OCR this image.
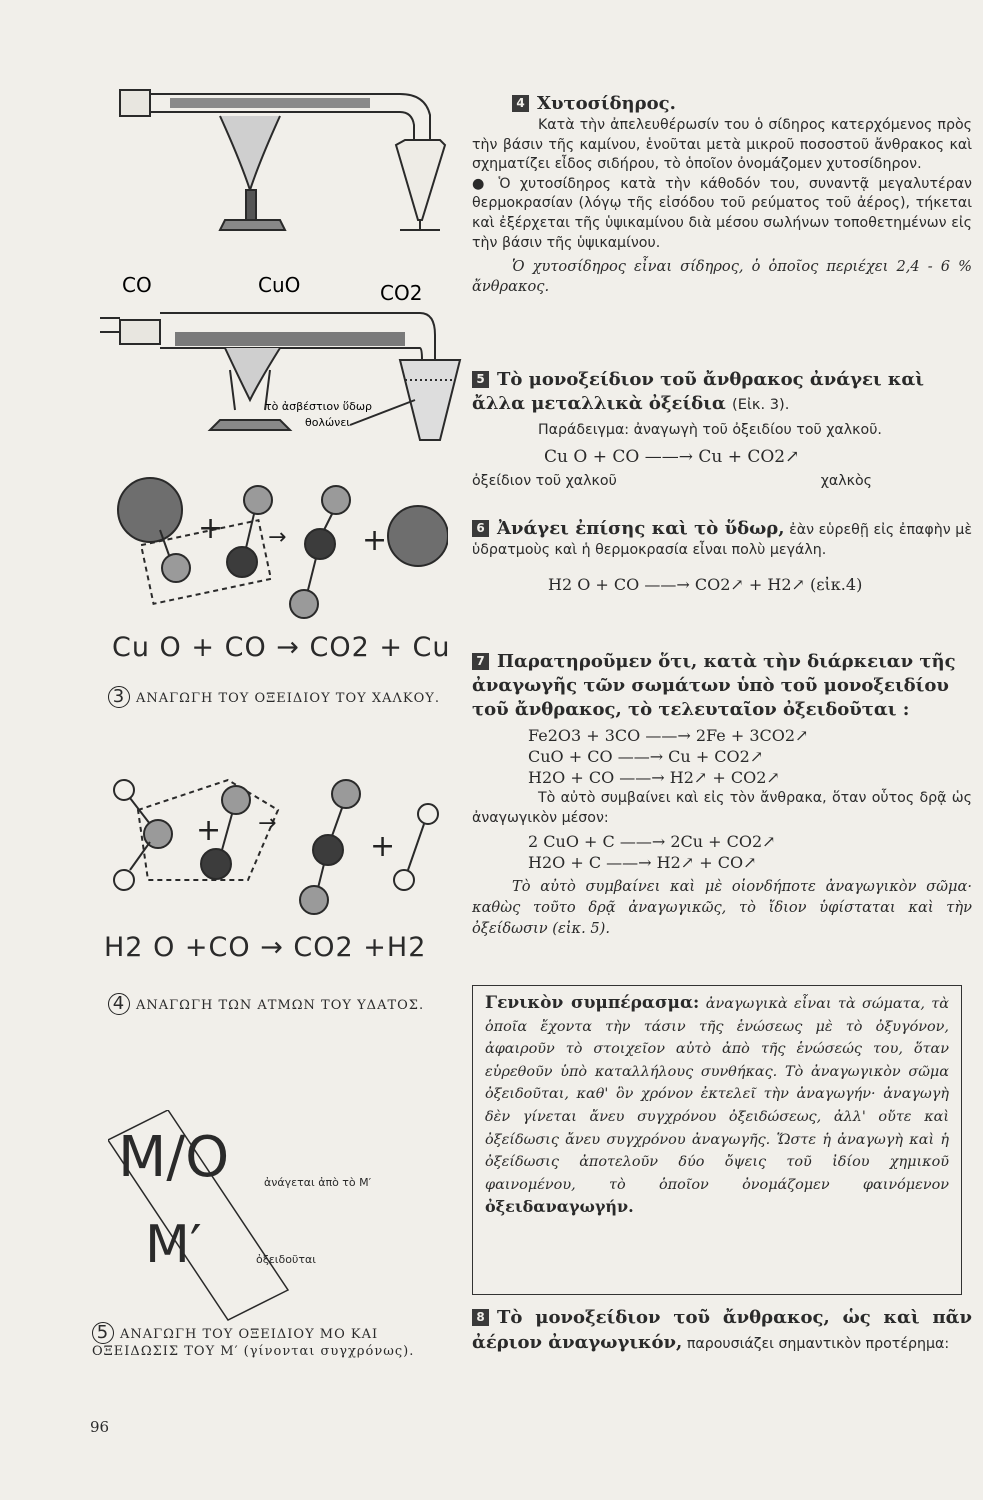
CO	CuO	CO2
τὸ ἀσβέστιον ὕδωρ
θολώνει
+ →	+
Cu O + CO → CO2 + Cu
3 ΑΝΑΓΩΓΗ ΤΟΥ ΟΞΕΙΔΙΟΥ ΤΟΥ ΧΑΛΚΟΥ.
+ →
+
H2 O +CO → CO2 +H2
4 ΑΝΑΓΩΓΗ ΤΩΝ ΑΤΜΩΝ ΤΟΥ ΥΔΑΤΟΣ.
M/O
M′
ἀνάγεται ἀπὸ τὸ Μ′
ὀξειδοῦται
5 ΑΝΑΓΩΓΗ ΤΟΥ ΟΞΕΙΔΙΟΥ ΜΟ ΚΑΙ ΟΞΕΙΔΩΣΙΣ ΤΟΥ Μ′ (γίνονται συγχρόνως).
96

4 Χυτοσίδηρος.

Κατὰ τὴν ἀπελευθέρωσίν του ὁ σίδηρος κατερχόμενος πρὸς τὴν βάσιν τῆς καμίνου, ἑνοῦται μετὰ μικροῦ ποσοστοῦ ἄνθρακος καὶ σχηματίζει εἶδος σιδήρου, τὸ ὁποῖον ὀνομάζομεν χυτοσίδηρον.

● Ὁ χυτοσίδηρος κατὰ τὴν κάθοδόν του, συναντᾷ μεγαλυτέραν θερμοκρασίαν (λόγῳ τῆς εἰσόδου τοῦ ρεύματος τοῦ ἀέρος), τήκεται καὶ ἐξέρχεται τῆς ὑψικαμίνου διὰ μέσου σωλήνων τοποθετημένων εἰς τὴν βάσιν τῆς ὑψικαμίνου.

Ὁ χυτοσίδηρος εἶναι σίδηρος, ὁ ὁποῖος περιέχει 2,4 - 6 % ἄνθρακος.

5 Τὸ μονοξείδιον τοῦ ἄνθρακος ἀνάγει καὶ ἄλλα μεταλλικὰ ὀξείδια (Εἰκ. 3).

Παράδειγμα: ἀναγωγὴ τοῦ ὀξειδίου τοῦ χαλκοῦ.

Cu O + CO ——→ Cu + CO2↗
ὀξείδιον τοῦ χαλκοῦ	χαλκὸς

6 Ἀνάγει ἐπίσης καὶ τὸ ὕδωρ, ἐὰν εὑρεθῇ εἰς ἐπαφὴν μὲ ὑδρατμοὺς καὶ ἡ θερμοκρασία εἶναι πολὺ μεγάλη.

H2 O + CO ——→ CO2↗ + H2↗ (εἰκ.4)

7 Παρατηροῦμεν ὅτι, κατὰ τὴν διάρκειαν τῆς ἀναγωγῆς τῶν σωμάτων ὑπὸ τοῦ μονοξειδίου τοῦ ἄνθρακος, τὸ τελευταῖον ὀξειδοῦται :

Fe2O3 + 3CO ——→ 2Fe + 3CO2↗
CuO + CO ——→ Cu + CO2↗
H2O + CO ——→ H2↗ + CO2↗

Τὸ αὐτὸ συμβαίνει καὶ εἰς τὸν ἄνθρακα, ὅταν οὗτος δρᾷ ὡς ἀναγωγικὸν μέσον:

2 CuO + C ——→ 2Cu + CO2↗
H2O + C ——→ H2↗ + CO↗

Τὸ αὐτὸ συμβαίνει καὶ μὲ οἱονδήποτε ἀναγωγικὸν σῶμα· καθὼς τοῦτο δρᾷ ἀναγωγικῶς, τὸ ἴδιον ὑφίσταται καὶ τὴν ὀξείδωσιν (εἰκ. 5).

Γενικὸν συμπέρασμα: ἀναγωγικὰ εἶναι τὰ σώματα, τὰ ὁποῖα ἔχοντα τὴν τάσιν τῆς ἑνώσεως μὲ τὸ ὀξυγόνον, ἀφαιροῦν τὸ στοιχεῖον αὐτὸ ἀπὸ τῆς ἑνώσεώς του, ὅταν εὑρεθοῦν ὑπὸ καταλλήλους συνθήκας. Τὸ ἀναγωγικὸν σῶμα ὀξειδοῦται, καθ' ὃν χρόνον ἐκτελεῖ τὴν ἀναγωγήν· ἀναγωγὴ δὲν γίνεται ἄνευ συγχρόνου ὀξειδώσεως, ἀλλ' οὔτε καὶ ὀξείδωσις ἄνευ συγχρόνου ἀναγωγῆς. Ὥστε ἡ ἀναγωγὴ καὶ ἡ ὀξείδωσις ἀποτελοῦν δύο ὄψεις τοῦ ἰδίου χημικοῦ φαινομένου, τὸ ὁποῖον ὀνομάζομεν φαινόμενον ὀξειδαναγωγήν.

8 Τὸ μονοξείδιον τοῦ ἄνθρακος, ὡς καὶ πᾶν ἀέριον ἀναγωγικόν, παρουσιάζει σημαντικὸν προτέρημα:
